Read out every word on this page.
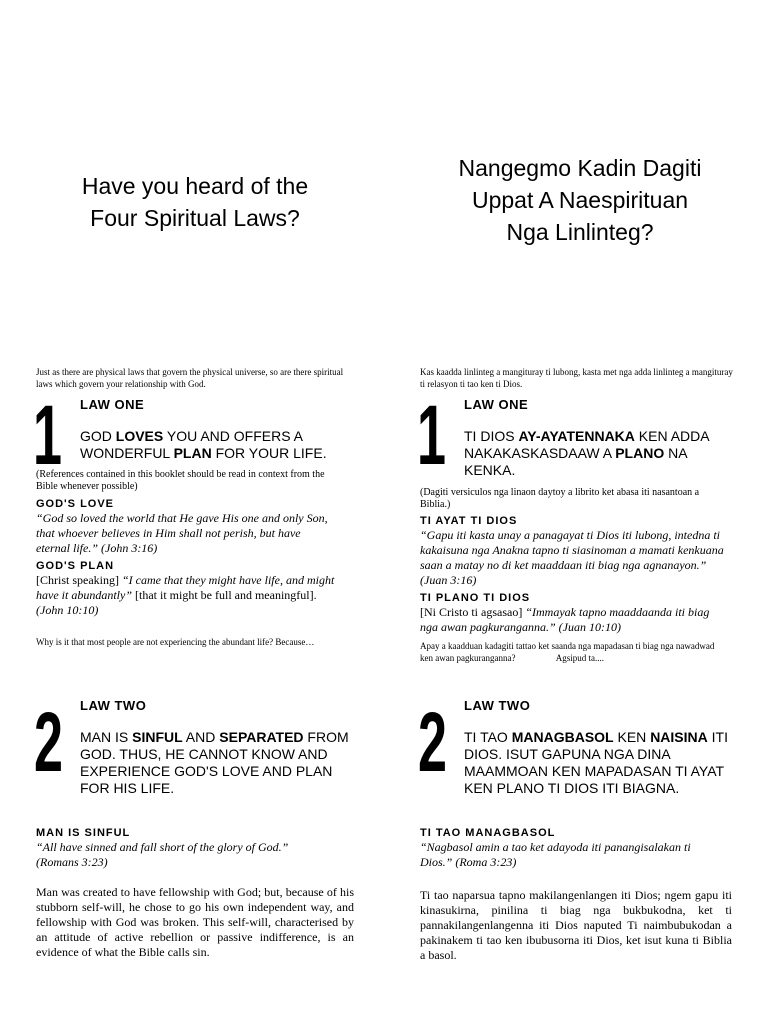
Have you heard of the
Four Spiritual Laws?
Just as there are physical laws that govern the physical universe, so are there spiritual laws which govern your relationship with God.
1 LAW ONE
GOD LOVES YOU AND OFFERS A WONDERFUL PLAN FOR YOUR LIFE.
(References contained in this booklet should be read in context from the Bible whenever possible)
GOD'S LOVE
“God so loved the world that He gave His one and only Son, that whoever believes in Him shall not perish, but have eternal life.” (John 3:16)
GOD'S PLAN
[Christ speaking] “I came that they might have life, and might have it abundantly” [that it might be full and meaningful]. (John 10:10)
Why is it that most people are not experiencing the abundant life? Because…
2 LAW TWO
MAN IS SINFUL AND SEPARATED FROM GOD. THUS, HE CANNOT KNOW AND EXPERIENCE GOD'S LOVE AND PLAN FOR HIS LIFE.
MAN IS SINFUL
“All have sinned and fall short of the glory of God.” (Romans 3:23)
Man was created to have fellowship with God; but, because of his stubborn self-will, he chose to go his own independent way, and fellowship with God was broken. This self-will, characterised by an attitude of active rebellion or passive indifference, is an evidence of what the Bible calls sin.
Nangegmo Kadin Dagiti
Uppat A Naespirituan
Nga Linlinteg?
Kas kaadda linlinteg a mangituray ti lubong, kasta met nga adda linlinteg a mangituray ti relasyon ti tao ken ti Dios.
1 LAW ONE
TI DIOS AY-AYATENNAKA KEN ADDA NAKAKASKASDAAW A PLANO NA KENKA.
(Dagiti versiculos nga linaon daytoy a librito ket abasa iti nasantoan a Biblia.)
TI AYAT TI DIOS
“Gapu iti kasta unay a panagayat ti Dios iti lubong, intedna ti kakaisuna nga Anakna tapno ti siasinoman a mamati kenkuana saan a matay no di ket maaddaan iti biag nga agnanayon.” (Juan 3:16)
TI PLANO TI DIOS
[Ni Cristo ti agsasao] “Immayak tapno maaddaanda iti biag nga awan pagkuranganna.” (Juan 10:10)
Apay a kaadduan kadagiti tattao ket saanda nga mapadasan ti biag nga nawadwad ken awan pagkuranganna?	Agsipud ta....
2 LAW TWO
TI TAO MANAGBASOL KEN NAISINA ITI DIOS. ISUT GAPUNA NGA DINA MAAMMOAN KEN MAPADASAN TI AYAT KEN PLANO TI DIOS ITI BIAGNA.
TI TAO MANAGBASOL
“Nagbasol amin a tao ket adayoda iti panangisalakan ti Dios.” (Roma 3:23)
Ti tao naparsua tapno makilangenlangen iti Dios; ngem gapu iti kinasukirna, pinilina ti biag nga bukbukodna, ket ti pannakilangenlangenna iti Dios naputed Ti naimbubukodan a pakinakem ti tao ken ibubusorna iti Dios, ket isut kuna ti Biblia a basol.
